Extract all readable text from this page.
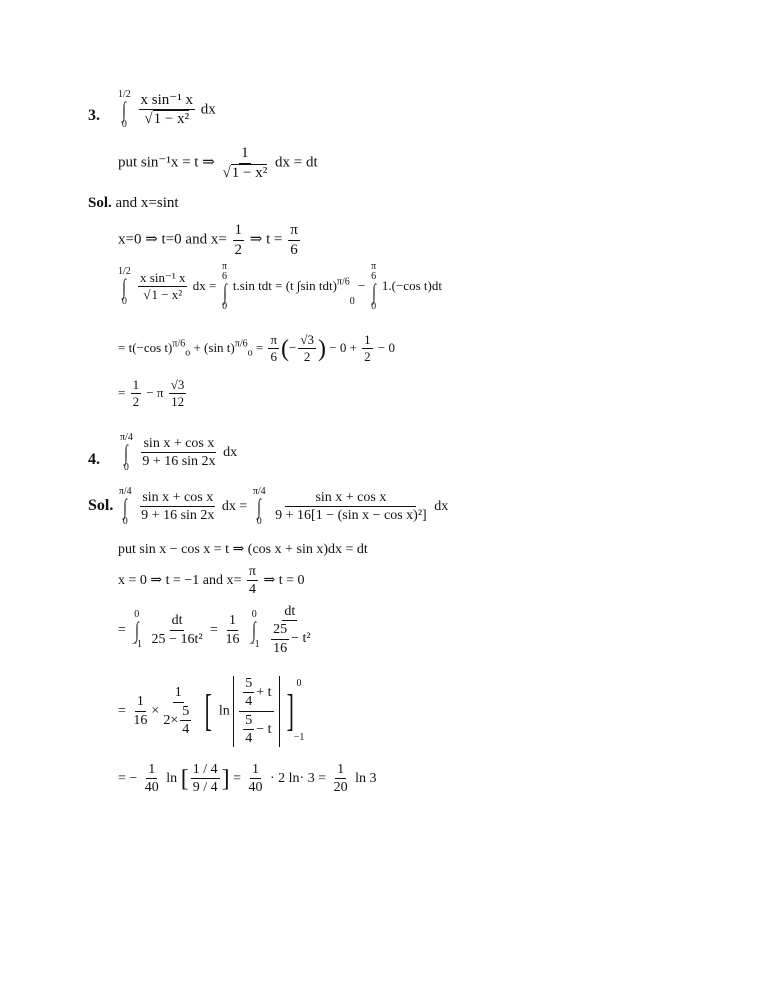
3.
1/2
∫
0
$\frac{\text{x sin⁻¹ x}}{\text{√1 − x²}}$ dx
put sin⁻¹x = t ⇒ $\frac{1}{\text{√1 − x²}}$ dx = dt
Sol. and x=sint
x=0 ⇒ t=0 and $x= \frac{1}{2}$ ⇒ $t = \frac{\pi}{6}$
1/2
∫
0
$\frac{\text{x sin⁻¹ x}}{\text{√1 − x²}}$ dx =
π
6
∫
0
t.sin tdt = (t ∫sin tdt)$^{\pi/6}_0$ −
π
6
∫
0
1.(−cos t)dt
= t(−cos t)$^{\pi/6}_o$ + (sin $t)^{\pi/6}_o = \frac{\pi}{6}$ (− $\frac{√3}{2}$ ) − $0 + \frac{1}{2} - 0$
= $\frac{1}{2} - \pi \frac{√3}{12}$
4.
π/4
∫
0
$\frac{\text{sin x + cos x}}{9 + 16 \sin 2x}$ dx
Sol.
π/4
∫
0
$\frac{\text{sin x + cos x}}{9 + 16 \sin 2x}$ dx =
π/4
∫
0
$\frac{\text{sin x + cos x}}{\text{9 + 16[1 − (sin x − cos x)²]}}$ dx
put sin x − cos x = t ⇒ (cos x + sin x)dx = dt
x = 0 ⇒ t = −1 and $x= \frac{\pi}{4}$ ⇒ t = 0
=
0
∫
−1
$\frac{dt}{\text{25 − 16t²}} = \frac{1}{16}$
0
∫
−1
$\frac{dt}{\frac{25}{16} - t^2}$
= $\frac{1}{16} \times \frac{1}{2\times \frac{5}{4}}$ [ $\ln \frac{\frac{5}{4} + t}{\frac{5}{4} - t}$ ]
0
−1
= − $\frac{1}{40}$ ln [ $\frac{1 / 4}{9 / 4}$ ] = $\frac{1}{40} \cdot 2$ $\ln\cdot 3 = \frac{1}{20}$ ln 3
